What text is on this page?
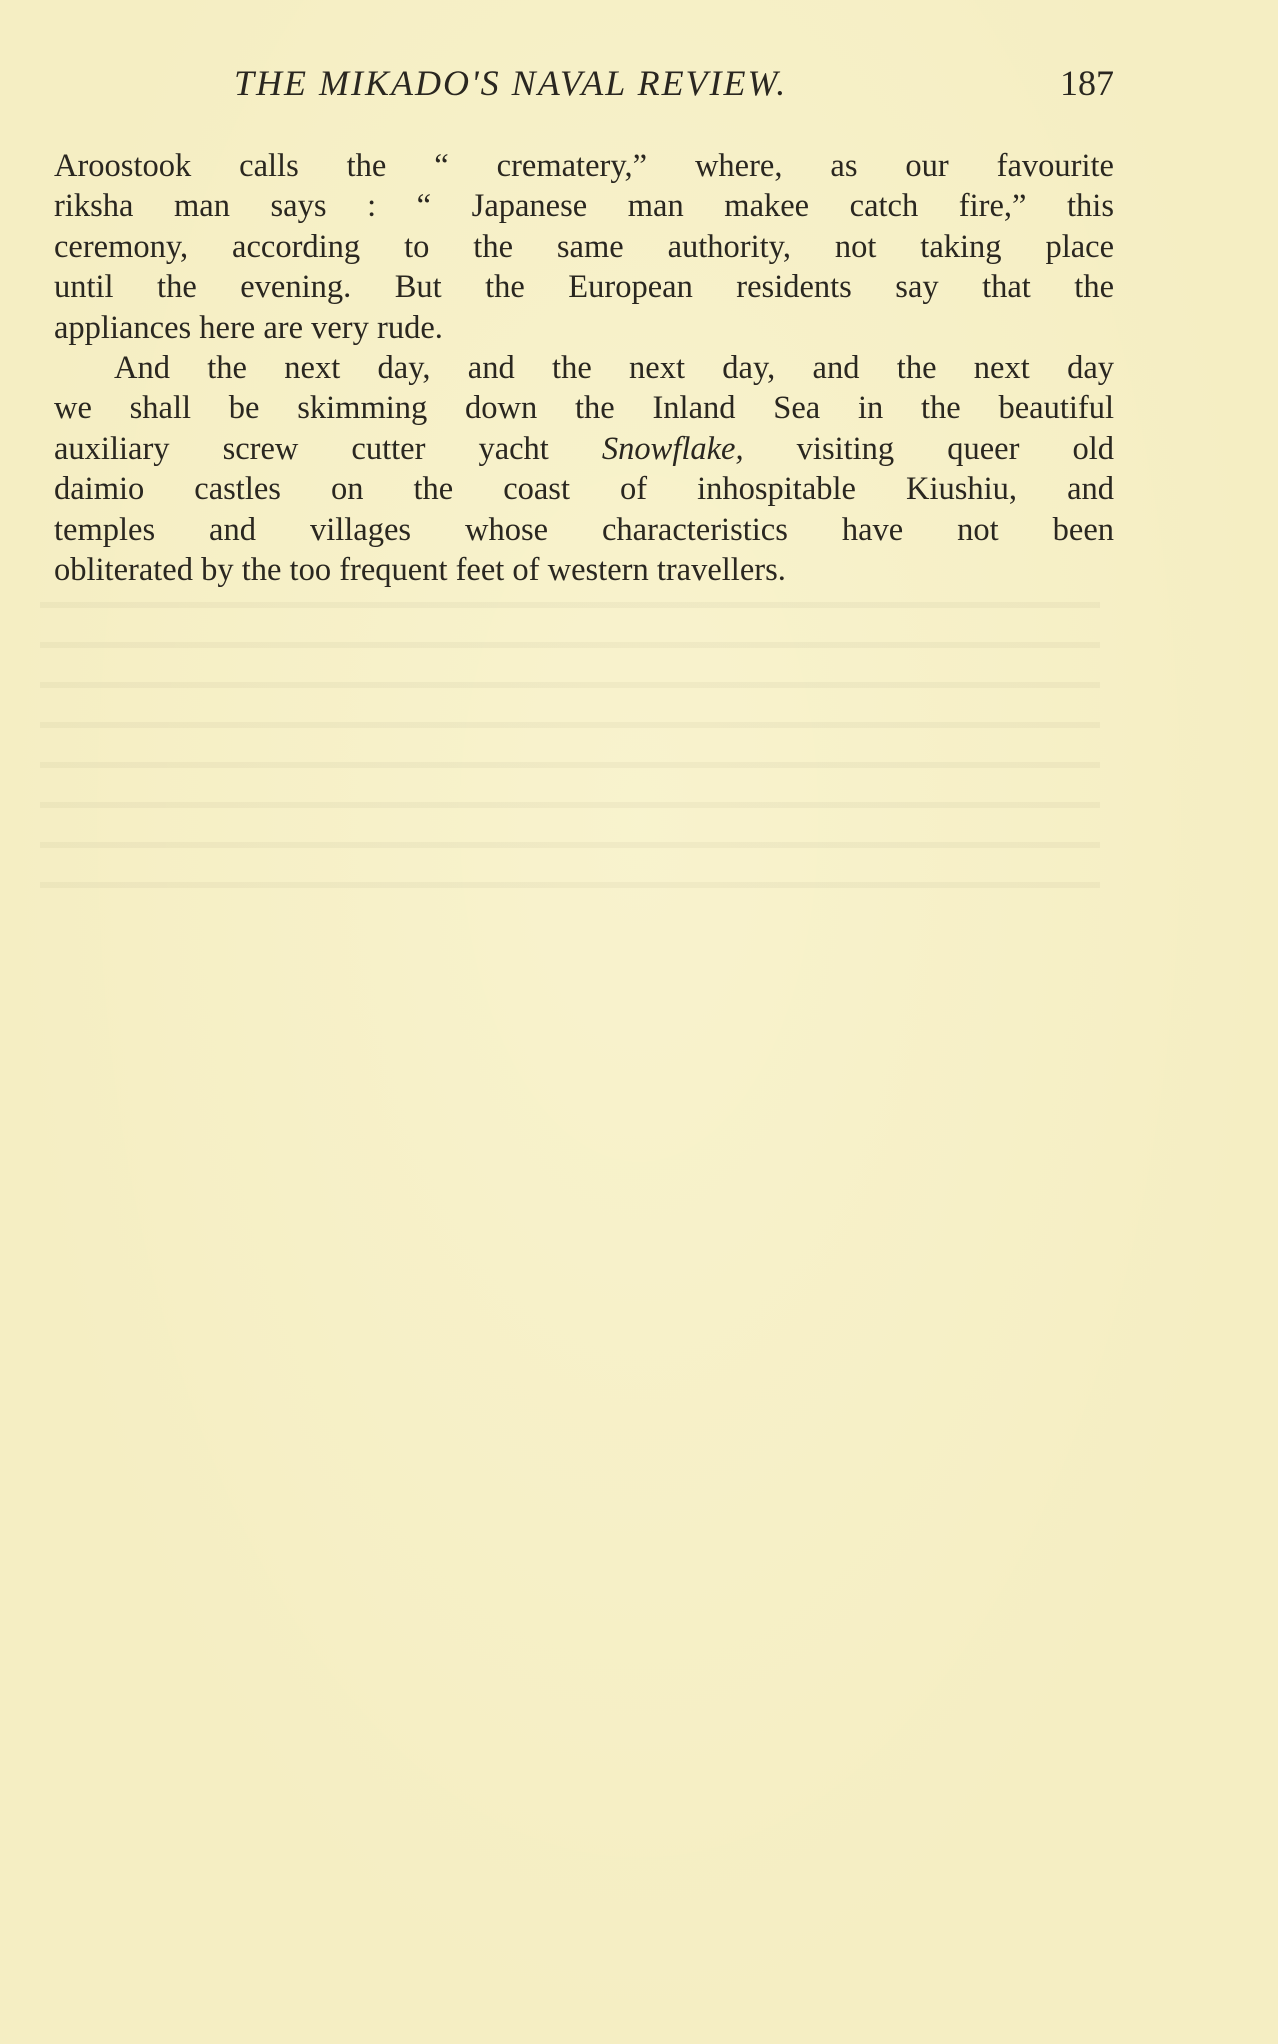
THE MIKADO'S NAVAL REVIEW.	187
Aroostook calls the “ crematery,” where, as our favourite
riksha man says : “ Japanese man makee catch fire,” this
ceremony, according to the same authority, not taking place
until the evening. But the European residents say that the
appliances here are very rude.
And the next day, and the next day, and the next day
we shall be skimming down the Inland Sea in the beautiful
auxiliary screw cutter yacht Snowflake, visiting queer old
daimio castles on the coast of inhospitable Kiushiu, and
temples and villages whose characteristics have not been
obliterated by the too frequent feet of western travellers.
